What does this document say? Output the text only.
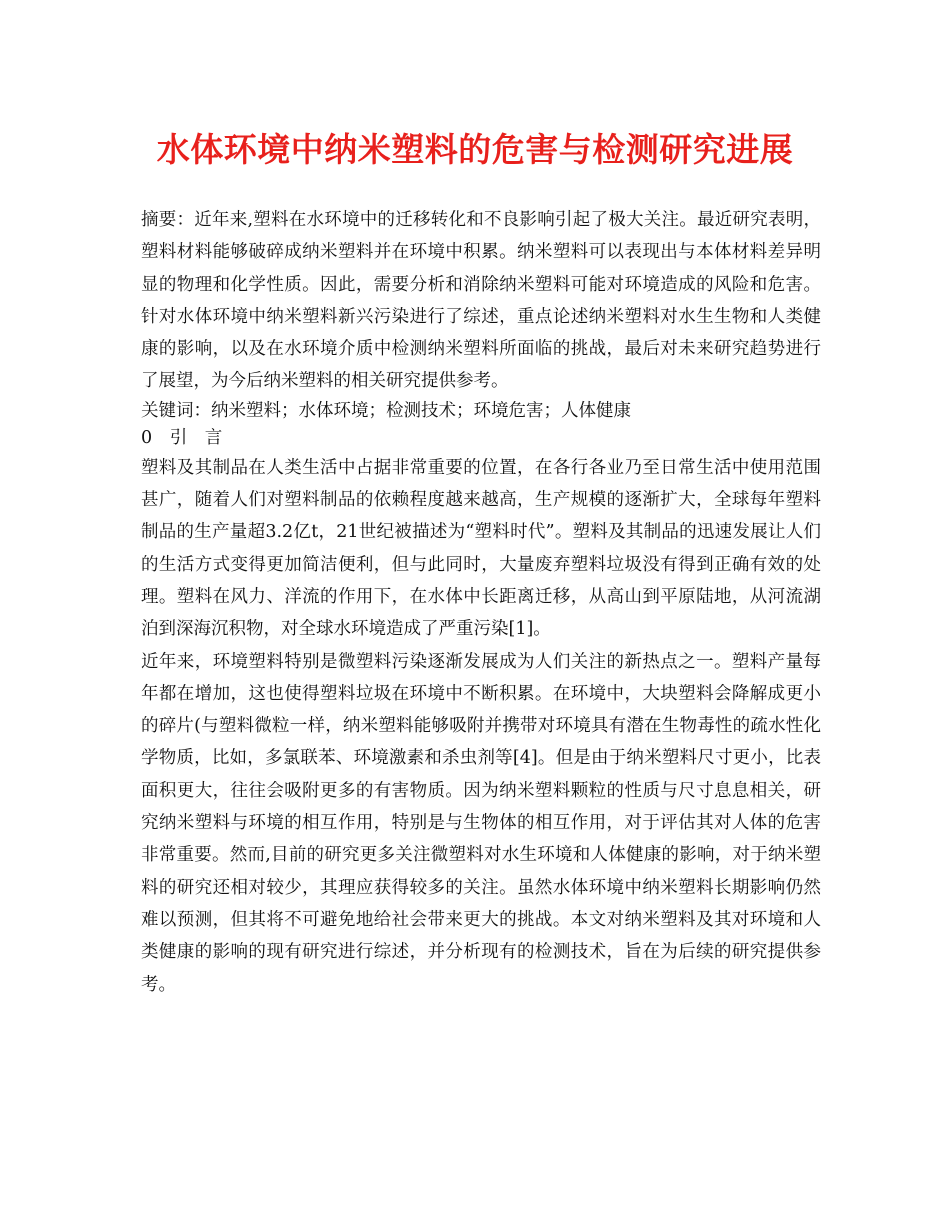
水体环境中纳米塑料的危害与检测研究进展

摘要：近年来,塑料在水环境中的迁移转化和不良影响引起了极大关注。最近研究表明，塑料材料能够破碎成纳米塑料并在环境中积累。纳米塑料可以表现出与本体材料差异明显的物理和化学性质。因此，需要分析和消除纳米塑料可能对环境造成的风险和危害。针对水体环境中纳米塑料新兴污染进行了综述，重点论述纳米塑料对水生生物和人类健康的影响，以及在水环境介质中检测纳米塑料所面临的挑战，最后对未来研究趋势进行了展望，为今后纳米塑料的相关研究提供参考。

关键词：纳米塑料；水体环境；检测技术；环境危害；人体健康

0 引 言

塑料及其制品在人类生活中占据非常重要的位置，在各行各业乃至日常生活中使用范围甚广，随着人们对塑料制品的依赖程度越来越高，生产规模的逐渐扩大，全球每年塑料制品的生产量超3.2亿t，21世纪被描述为“塑料时代”。塑料及其制品的迅速发展让人们的生活方式变得更加简洁便利，但与此同时，大量废弃塑料垃圾没有得到正确有效的处理。塑料在风力、洋流的作用下，在水体中长距离迁移，从高山到平原陆地，从河流湖泊到深海沉积物，对全球水环境造成了严重污染[1]。

近年来，环境塑料特别是微塑料污染逐渐发展成为人们关注的新热点之一。塑料产量每年都在增加，这也使得塑料垃圾在环境中不断积累。在环境中，大块塑料会降解成更小的碎片(与塑料微粒一样，纳米塑料能够吸附并携带对环境具有潜在生物毒性的疏水性化学物质，比如，多氯联苯、环境激素和杀虫剂等[4]。但是由于纳米塑料尺寸更小，比表面积更大，往往会吸附更多的有害物质。因为纳米塑料颗粒的性质与尺寸息息相关，研究纳米塑料与环境的相互作用，特别是与生物体的相互作用，对于评估其对人体的危害非常重要。然而,目前的研究更多关注微塑料对水生环境和人体健康的影响，对于纳米塑料的研究还相对较少，其理应获得较多的关注。虽然水体环境中纳米塑料长期影响仍然难以预测，但其将不可避免地给社会带来更大的挑战。本文对纳米塑料及其对环境和人类健康的影响的现有研究进行综述，并分析现有的检测技术，旨在为后续的研究提供参考。
